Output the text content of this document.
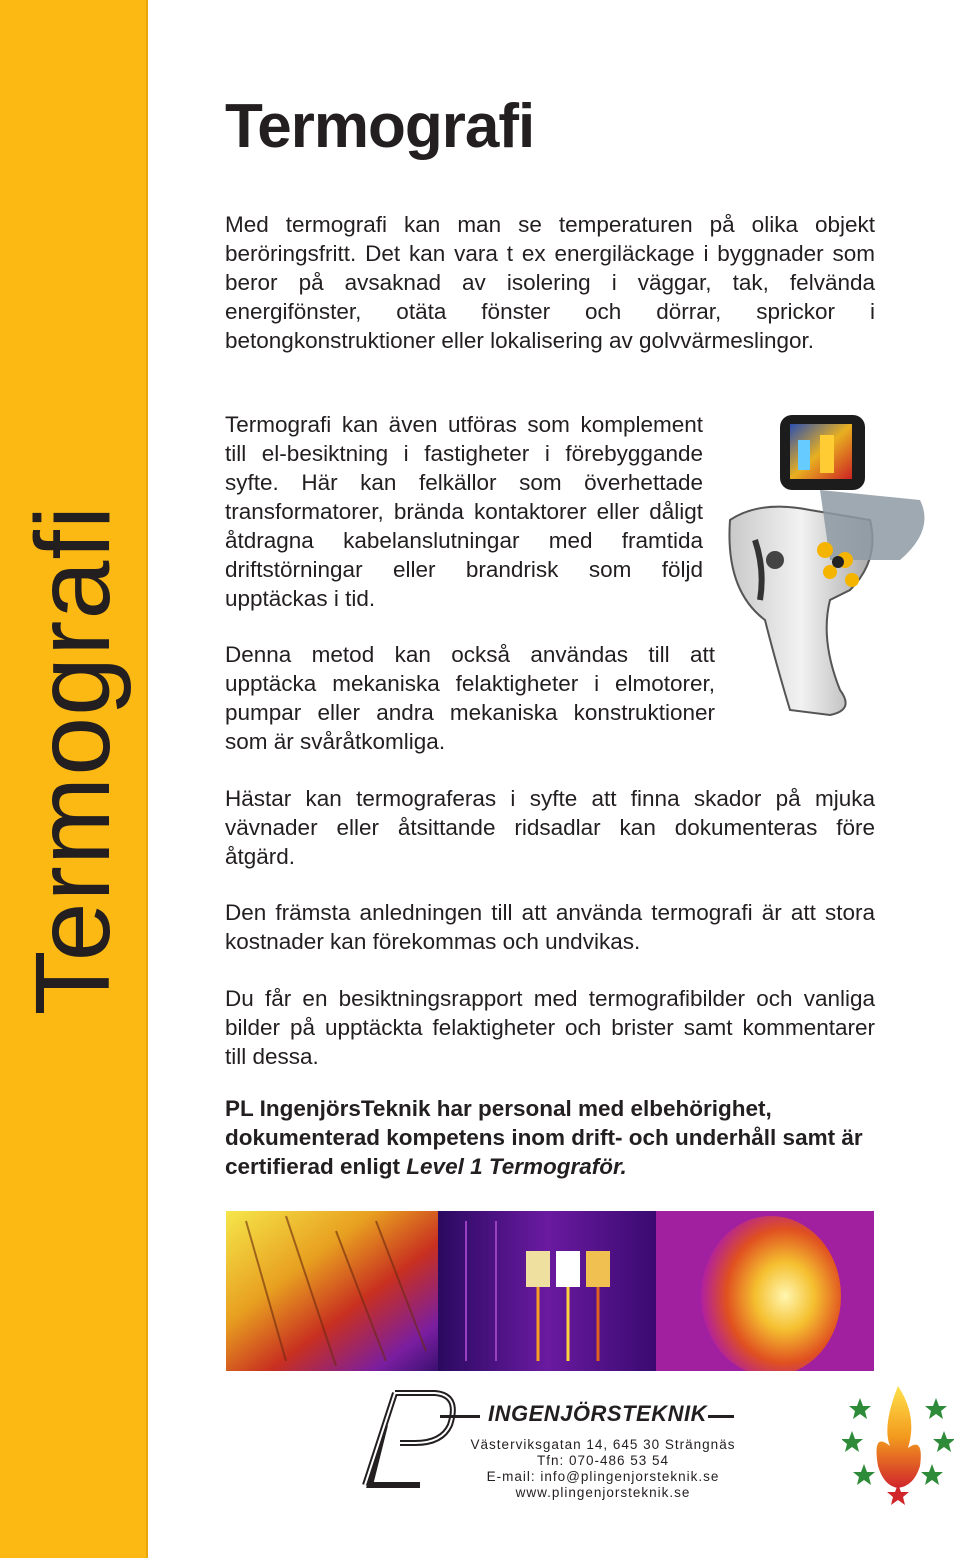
Termografi
Termografi

Med termografi kan man se temperaturen på olika objekt beröringsfritt. Det kan vara t ex energiläckage i byggnader som beror på avsaknad av isolering i väggar, tak, felvända energifönster, otäta fönster och dörrar, sprickor i betongkonstruktioner eller lokalisering av golvvärmeslingor.

Termografi kan även utföras som komplement till el-besiktning i fastigheter i förebyggande syfte. Här kan felkällor som överhettade transformatorer, brända kontaktorer eller dåligt åtdragna kabelanslutningar med framtida driftstörningar eller brandrisk som följd upptäckas i tid.

Denna metod kan också användas till att upptäcka mekaniska felaktigheter i elmotorer, pumpar eller andra mekaniska konstruktioner som är svåråtkomliga.

Hästar kan termograferas i syfte att finna skador på mjuka vävnader eller åtsittande ridsadlar kan dokumenteras före åtgärd.

Den främsta anledningen till att använda termografi är att stora kostnader kan förekommas och undvikas.

Du får en besiktningsrapport med termografibilder och vanliga bilder på upptäckta felaktigheter och brister samt kommentarer till dessa.

PL IngenjörsTeknik har personal med elbehörighet, dokumenterad kompetens inom drift- och underhåll samt är certifierad enligt Level 1 Termograför.

INGENJÖRSTEKNIK
Västerviksgatan 14, 645 30 Strängnäs
Tfn: 070-486 53 54
E-mail: info@plingenjorsteknik.se
www.plingenjorsteknik.se
